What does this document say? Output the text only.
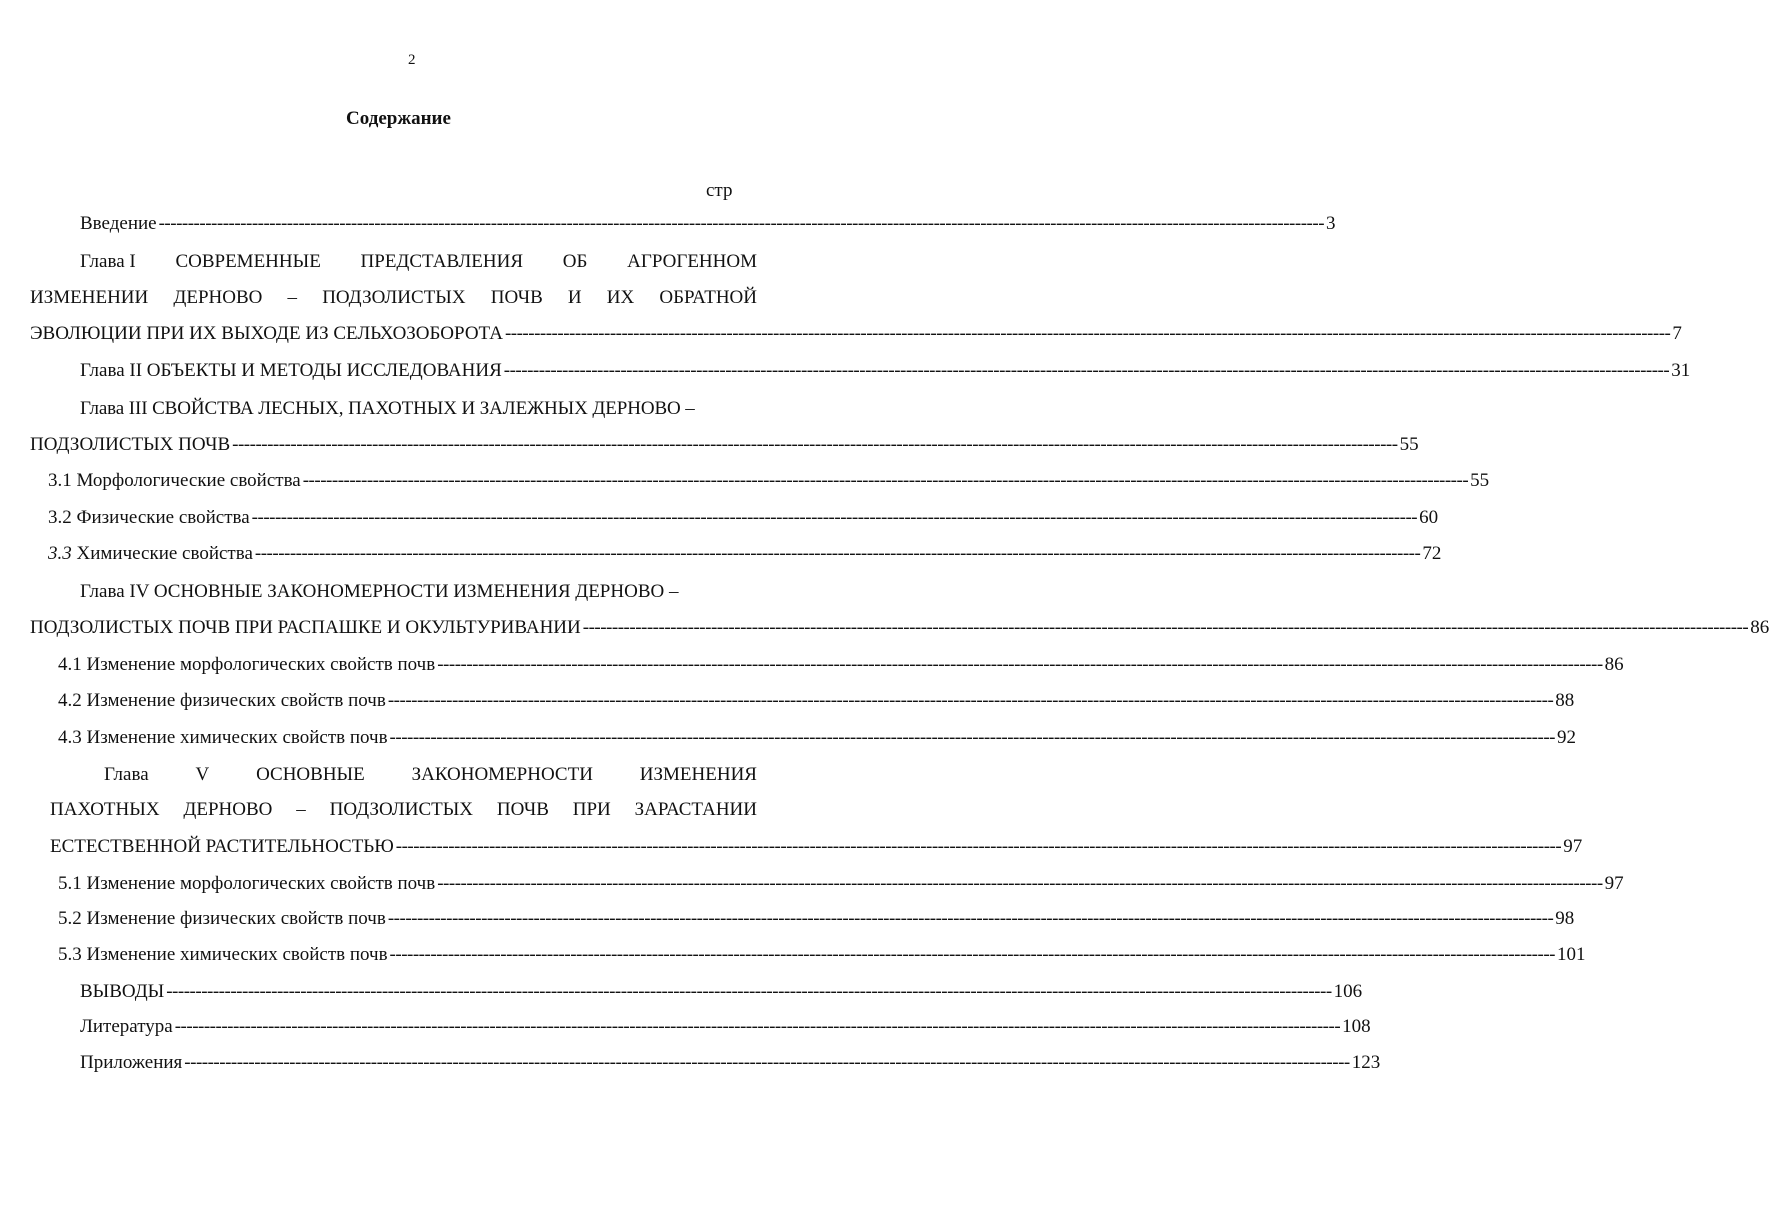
2
Содержание
стр
Введение -------------------------------------------------------------------------------------------------------------------------------------------------------------------------------------------------------- 3
Глава I СОВРЕМЕННЫЕ ПРЕДСТАВЛЕНИЯ ОБ АГРОГЕННОМ
ИЗМЕНЕНИИ ДЕРНОВО – ПОДЗОЛИСТЫХ ПОЧВ И ИХ ОБРАТНОЙ
ЭВОЛЮЦИИ ПРИ ИХ ВЫХОДЕ ИЗ СЕЛЬХОЗОБОРОТА -------------------------------------------------------------------------------------------------------------------------------------------------------------------------------------------------------- 7
Глава II ОБЪЕКТЫ И МЕТОДЫ ИССЛЕДОВАНИЯ -------------------------------------------------------------------------------------------------------------------------------------------------------------------------------------------------------- 31
Глава III СВОЙСТВА ЛЕСНЫХ, ПАХОТНЫХ И ЗАЛЕЖНЫХ ДЕРНОВО –
ПОДЗОЛИСТЫХ ПОЧВ -------------------------------------------------------------------------------------------------------------------------------------------------------------------------------------------------------- 55
3.1 Морфологические свойства -------------------------------------------------------------------------------------------------------------------------------------------------------------------------------------------------------- 55
3.2 Физические свойства -------------------------------------------------------------------------------------------------------------------------------------------------------------------------------------------------------- 60
3.3 Химические свойства -------------------------------------------------------------------------------------------------------------------------------------------------------------------------------------------------------- 72
Глава IV ОСНОВНЫЕ ЗАКОНОМЕРНОСТИ ИЗМЕНЕНИЯ ДЕРНОВО –
ПОДЗОЛИСТЫХ ПОЧВ ПРИ РАСПАШКЕ И ОКУЛЬТУРИВАНИИ -------------------------------------------------------------------------------------------------------------------------------------------------------------------------------------------------------- 86
4.1 Изменение морфологических свойств почв -------------------------------------------------------------------------------------------------------------------------------------------------------------------------------------------------------- 86
4.2 Изменение физических свойств почв -------------------------------------------------------------------------------------------------------------------------------------------------------------------------------------------------------- 88
4.3 Изменение химических свойств почв -------------------------------------------------------------------------------------------------------------------------------------------------------------------------------------------------------- 92
Глава V ОСНОВНЫЕ ЗАКОНОМЕРНОСТИ ИЗМЕНЕНИЯ
ПАХОТНЫХ ДЕРНОВО – ПОДЗОЛИСТЫХ ПОЧВ ПРИ ЗАРАСТАНИИ
ЕСТЕСТВЕННОЙ РАСТИТЕЛЬНОСТЬЮ -------------------------------------------------------------------------------------------------------------------------------------------------------------------------------------------------------- 97
5.1 Изменение морфологических свойств почв -------------------------------------------------------------------------------------------------------------------------------------------------------------------------------------------------------- 97
5.2 Изменение физических свойств почв -------------------------------------------------------------------------------------------------------------------------------------------------------------------------------------------------------- 98
5.3 Изменение химических свойств почв -------------------------------------------------------------------------------------------------------------------------------------------------------------------------------------------------------- 101
ВЫВОДЫ -------------------------------------------------------------------------------------------------------------------------------------------------------------------------------------------------------- 106
Литература -------------------------------------------------------------------------------------------------------------------------------------------------------------------------------------------------------- 108
Приложения -------------------------------------------------------------------------------------------------------------------------------------------------------------------------------------------------------- 123
